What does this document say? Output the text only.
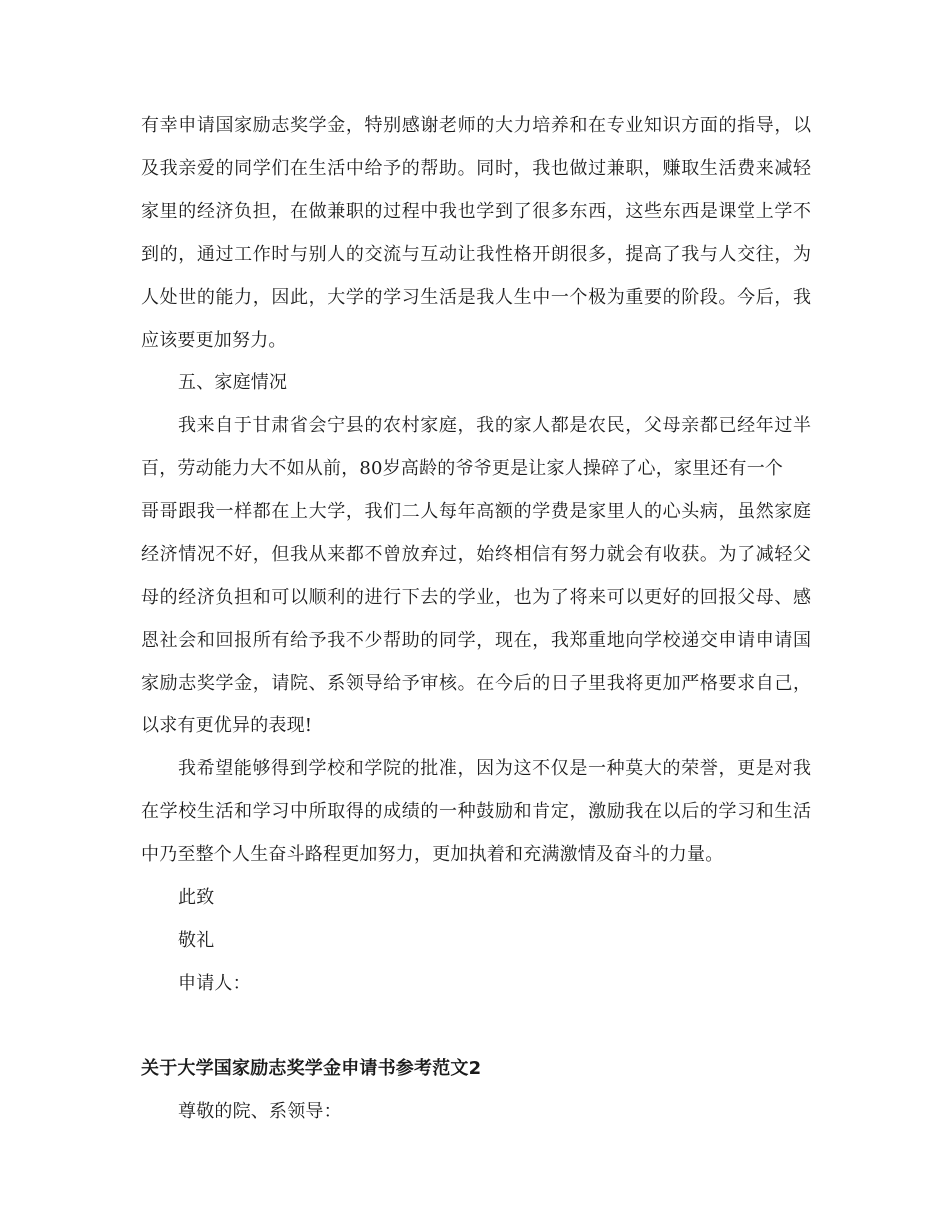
有幸申请国家励志奖学金，特别感谢老师的大力培养和在专业知识方面的指导，以
及我亲爱的同学们在生活中给予的帮助。同时，我也做过兼职，赚取生活费来减轻
家里的经济负担，在做兼职的过程中我也学到了很多东西，这些东西是课堂上学不
到的，通过工作时与别人的交流与互动让我性格开朗很多，提高了我与人交往，为
人处世的能力，因此，大学的学习生活是我人生中一个极为重要的阶段。今后，我
应该要更加努力。
五、家庭情况
我来自于甘肃省会宁县的农村家庭，我的家人都是农民，父母亲都已经年过半
百，劳动能力大不如从前，80岁高龄的爷爷更是让家人操碎了心，家里还有一个
哥哥跟我一样都在上大学，我们二人每年高额的学费是家里人的心头病，虽然家庭
经济情况不好，但我从来都不曾放弃过，始终相信有努力就会有收获。为了减轻父
母的经济负担和可以顺利的进行下去的学业，也为了将来可以更好的回报父母、感
恩社会和回报所有给予我不少帮助的同学，现在，我郑重地向学校递交申请申请国
家励志奖学金，请院、系领导给予审核。在今后的日子里我将更加严格要求自己，
以求有更优异的表现!
我希望能够得到学校和学院的批准，因为这不仅是一种莫大的荣誉，更是对我
在学校生活和学习中所取得的成绩的一种鼓励和肯定，激励我在以后的学习和生活
中乃至整个人生奋斗路程更加努力，更加执着和充满激情及奋斗的力量。
此致
敬礼
申请人：
关于大学国家励志奖学金申请书参考范文2
尊敬的院、系领导：
